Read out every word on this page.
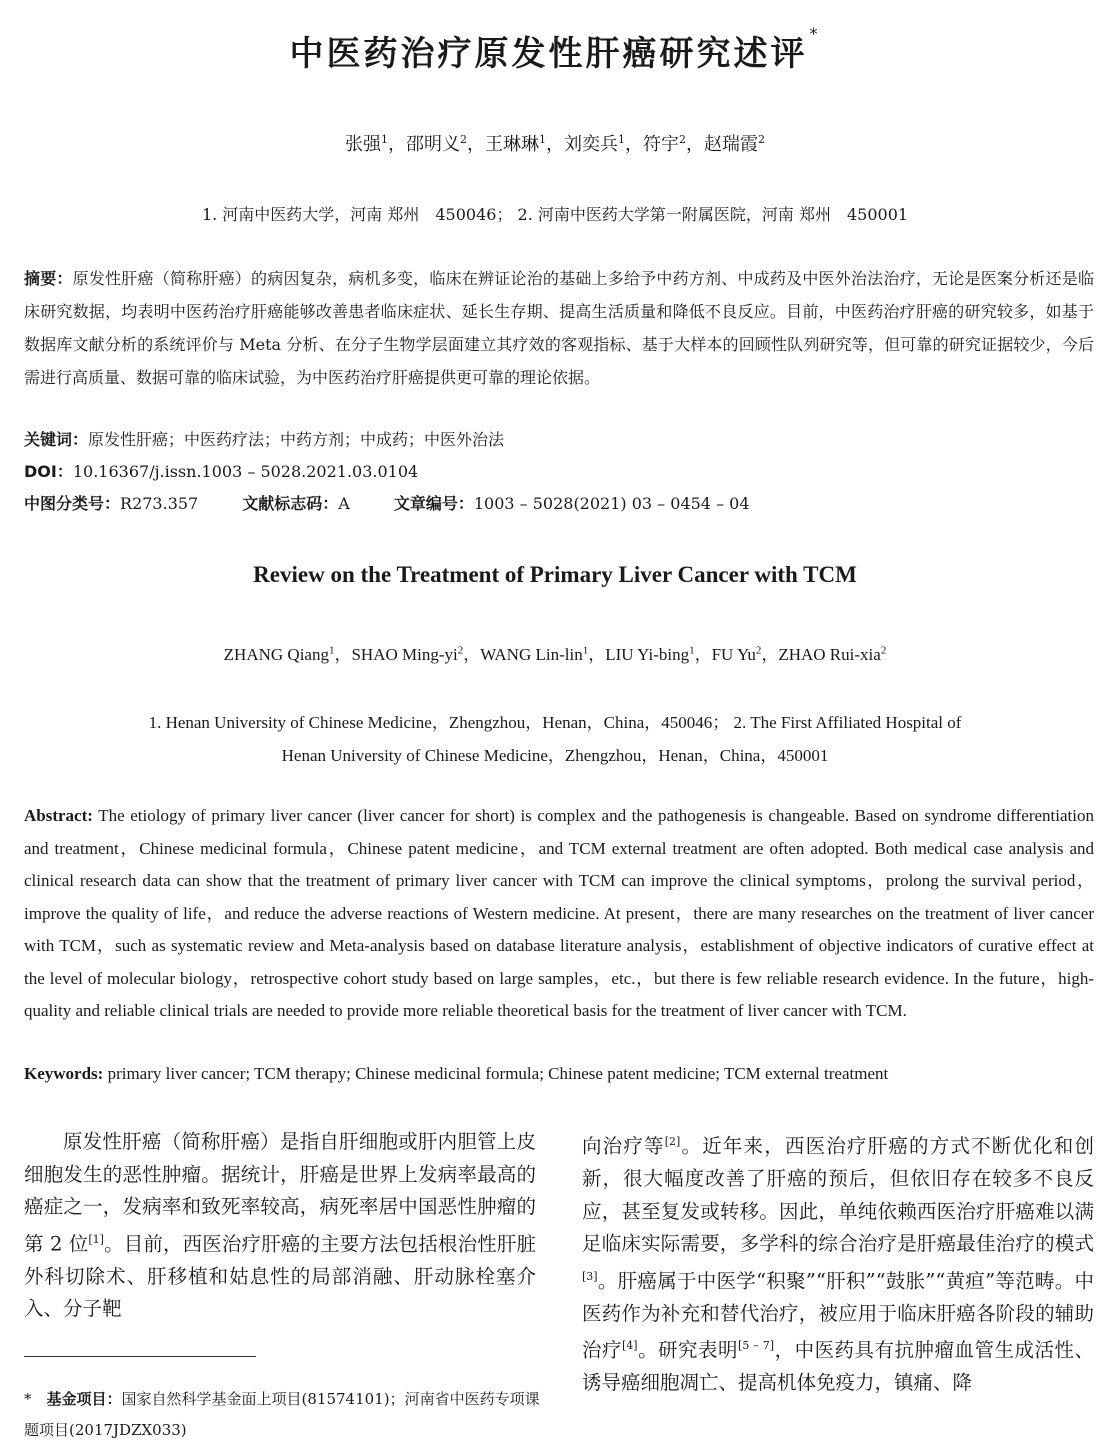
中医药治疗原发性肝癌研究述评*
张强$^1$，邵明义$^2$，王琳琳$^1$，刘奕兵$^1$，符宇$^2$，赵瑞霞$^2$
1. 河南中医药大学，河南 郑州　450046； 2. 河南中医药大学第一附属医院，河南 郑州　450001
摘要：原发性肝癌（简称肝癌）的病因复杂，病机多变，临床在辨证论治的基础上多给予中药方剂、中成药及中医外治法治疗，无论是医案分析还是临床研究数据，均表明中医药治疗肝癌能够改善患者临床症状、延长生存期、提高生活质量和降低不良反应。目前，中医药治疗肝癌的研究较多，如基于数据库文献分析的系统评价与 Meta 分析、在分子生物学层面建立其疗效的客观指标、基于大样本的回顾性队列研究等，但可靠的研究证据较少，今后需进行高质量、数据可靠的临床试验，为中医药治疗肝癌提供更可靠的理论依据。
关键词：原发性肝癌；中医药疗法；中药方剂；中成药；中医外治法
DOI：10.16367/j.issn.1003 – 5028.2021.03.0104
中图分类号：R273.357	文献标志码：A	文章编号：1003 – 5028(2021) 03 – 0454 – 04
Review on the Treatment of Primary Liver Cancer with TCM
ZHANG Qiang$^1$，SHAO Ming-$yi^2$，WANG Lin-lin$^1$，LIU Yi-bing$^1$，FU Yu$^2$，ZHAO Rui-xia$^2$
1. Henan University of Chinese Medicine，Zhengzhou，Henan，China，450046； 2. The First Affiliated Hospital of
Henan University of Chinese Medicine，Zhengzhou，Henan，China，450001
Abstract: The etiology of primary liver cancer (liver cancer for short) is complex and the pathogenesis is changeable. Based on syndrome differentiation and treatment，Chinese medicinal formula，Chinese patent medicine，and TCM external treatment are often adopted. Both medical case analysis and clinical research data can show that the treatment of primary liver cancer with TCM can improve the clinical symptoms，prolong the survival period，improve the quality of life，and reduce the adverse reactions of Western medicine. At present，there are many researches on the treatment of liver cancer with TCM，such as systematic review and Meta-analysis based on database literature analysis，establishment of objective indicators of curative effect at the level of molecular biology，retrospective cohort study based on large samples，etc.，but there is few reliable research evidence. In the future，high-quality and reliable clinical trials are needed to provide more reliable theoretical basis for the treatment of liver cancer with TCM.
Keywords: primary liver cancer; TCM therapy; Chinese medicinal formula; Chinese patent medicine; TCM external treatment
原发性肝癌（简称肝癌）是指自肝细胞或肝内胆管上皮细胞发生的恶性肿瘤。据统计，肝癌是世界上发病率最高的癌症之一，发病率和致死率较高，病死率居中国恶性肿瘤的第 2 位[1]。目前，西医治疗肝癌的主要方法包括根治性肝脏外科切除术、肝移植和姑息性的局部消融、肝动脉栓塞介入、分子靶
向治疗等[2]。近年来，西医治疗肝癌的方式不断优化和创新，很大幅度改善了肝癌的预后，但依旧存在较多不良反应，甚至复发或转移。因此，单纯依赖西医治疗肝癌难以满足临床实际需要，多学科的综合治疗是肝癌最佳治疗的模式[3]。肝癌属于中医学“积聚”“肝积”“鼓胀”“黄疸”等范畴。中医药作为补充和替代治疗，被应用于临床肝癌各阶段的辅助治疗[4]。研究表明[5 – 7]，中医药具有抗肿瘤血管生成活性、诱导癌细胞凋亡、提高机体免疫力，镇痛、降
*　 基金项目：国家自然科学基金面上项目(81574101)；河南省中医药专项课题项目(2017JDZX033)
